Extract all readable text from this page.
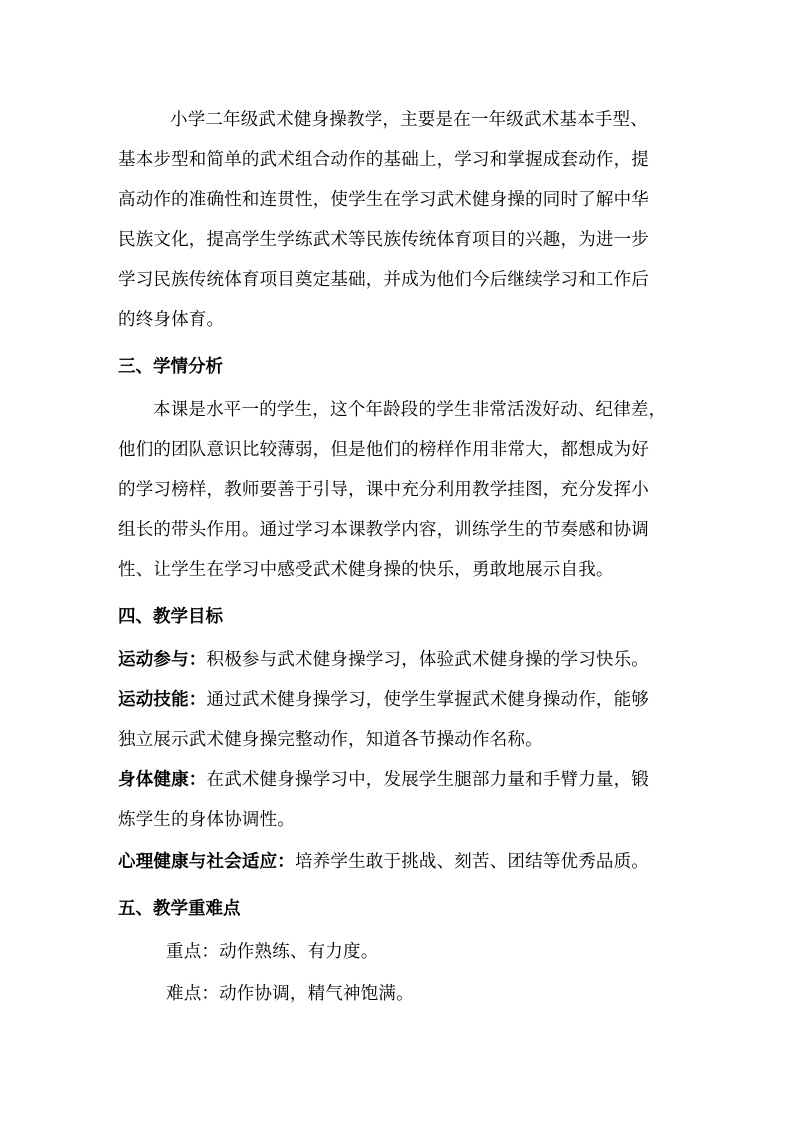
小学二年级武术健身操教学，主要是在一年级武术基本手型、
基本步型和简单的武术组合动作的基础上，学习和掌握成套动作，提
高动作的准确性和连贯性，使学生在学习武术健身操的同时了解中华
民族文化，提高学生学练武术等民族传统体育项目的兴趣，为进一步
学习民族传统体育项目奠定基础，并成为他们今后继续学习和工作后
的终身体育。
三、学情分析
本课是水平一的学生，这个年龄段的学生非常活泼好动、纪律差，
他们的团队意识比较薄弱，但是他们的榜样作用非常大，都想成为好
的学习榜样，教师要善于引导，课中充分利用教学挂图，充分发挥小
组长的带头作用。通过学习本课教学内容，训练学生的节奏感和协调
性、让学生在学习中感受武术健身操的快乐，勇敢地展示自我。
四、教学目标
运动参与：积极参与武术健身操学习，体验武术健身操的学习快乐。
运动技能：通过武术健身操学习，使学生掌握武术健身操动作，能够
独立展示武术健身操完整动作，知道各节操动作名称。
身体健康：在武术健身操学习中，发展学生腿部力量和手臂力量，锻
炼学生的身体协调性。
心理健康与社会适应：培养学生敢于挑战、刻苦、团结等优秀品质。
五、教学重难点
重点：动作熟练、有力度。
难点：动作协调，精气神饱满。
